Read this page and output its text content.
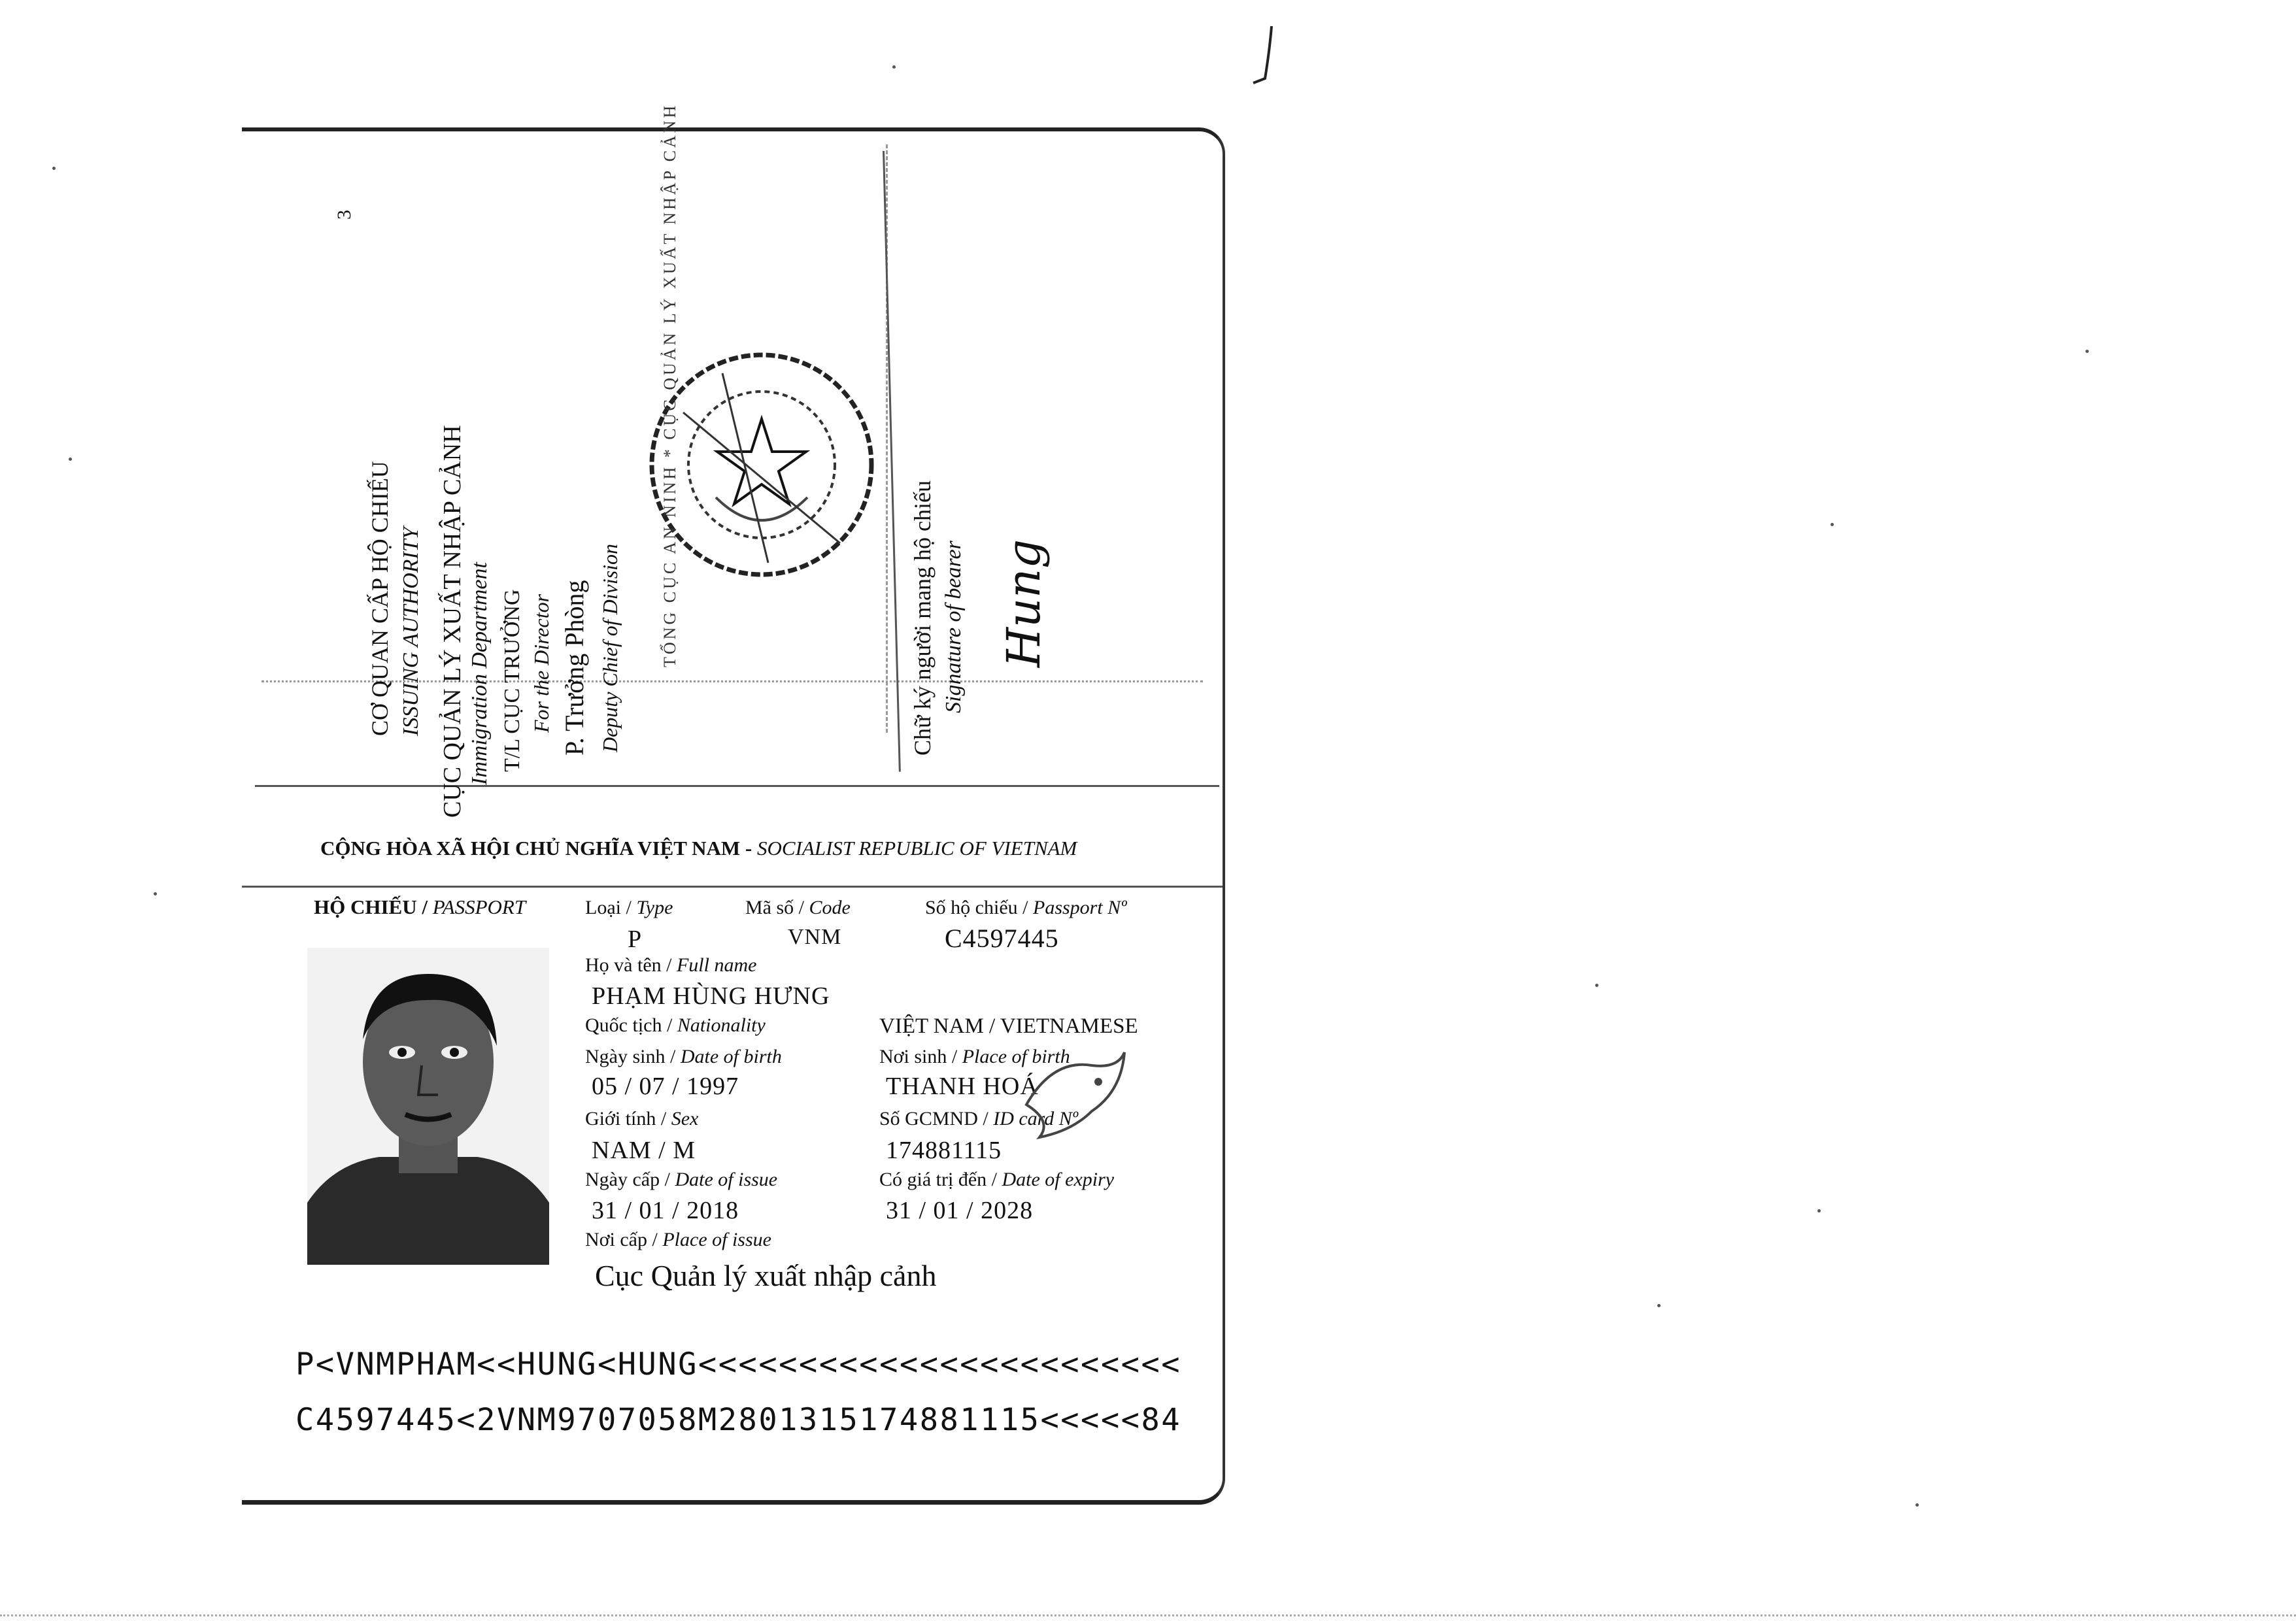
3
CƠ QUAN CẤP HỘ CHIẾU ISSUING AUTHORITY CỤC QUẢN LÝ XUẤT NHẬP CẢNH Immigration Department T/L CỤC TRƯỞNG For the Director P. Trưởng Phòng Deputy Chief of Division TỔNG CỤC AN NINH * CỤC QUẢN LÝ XUẤT NHẬP CẢNH	Chữ ký người mang hộ chiếu Signature of bearer Hung
CỘNG HÒA XÃ HỘI CHỦ NGHĨA VIỆT NAM - SOCIALIST REPUBLIC OF VIETNAM
HỘ CHIẾU / PASSPORT	Loại / Type
P
Mã số / Code
VNM
Số hộ chiếu / Passport Nº
C4597445
Họ và tên / Full name
PHẠM HÙNG HƯNG
Quốc tịch / Nationality	VIỆT NAM / VIETNAMESE
Ngày sinh / Date of birth
05 / 07 / 1997
Nơi sinh / Place of birth
THANH HOÁ
Giới tính / Sex
NAM / M
Số GCMND / ID card Nº
174881115
Ngày cấp / Date of issue
31 / 01 / 2018
Có giá trị đến / Date of expiry
31 / 01 / 2028
Nơi cấp / Place of issue
Cục Quản lý xuất nhập cảnh
P<VNMPHAM<<HUNG<HUNG<<<<<<<<<<<<<<<<<<<<<<<<
C4597445<2VNM9707058M2801315174881115<<<<<84
